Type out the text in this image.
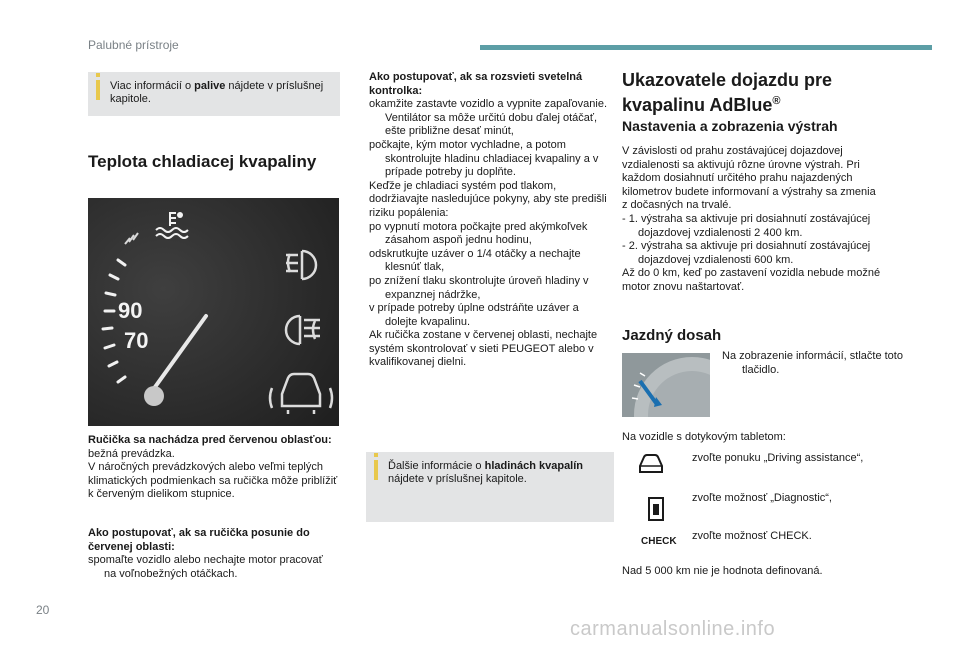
Palubné prístroje
Viac informácií o palive nájdete v príslušnej kapitole.
Teplota chladiacej kvapaliny
90
70
Ručička sa nachádza pred červenou oblasťou: bežná prevádzka.
V náročných prevádzkových alebo veľmi teplých klimatických podmienkach sa ručička môže priblížiť k červeným dielikom stupnice.
Ako postupovať, ak sa ručička posunie do červenej oblasti:
spomaľte vozidlo alebo nechajte motor pracovať na voľnobežných otáčkach.
Ako postupovať, ak sa rozsvieti svetelná kontrolka:
okamžite zastavte vozidlo a vypnite zapaľovanie. Ventilátor sa môže určitú dobu ďalej otáčať, ešte približne desať minút,
počkajte, kým motor vychladne, a potom skontrolujte hladinu chladiacej kvapaliny a v prípade potreby ju doplňte.
Keďže je chladiaci systém pod tlakom, dodržiavajte nasledujúce pokyny, aby ste predišli riziku popálenia:
po vypnutí motora počkajte pred akýmkoľvek zásahom aspoň jednu hodinu,
odskrutkujte uzáver o 1/4 otáčky a nechajte klesnúť tlak,
po znížení tlaku skontrolujte úroveň hladiny v expanznej nádržke,
v prípade potreby úplne odstráňte uzáver a dolejte kvapalinu.
Ak ručička zostane v červenej oblasti, nechajte systém skontrolovať v sieti PEUGEOT alebo v kvalifikovanej dielni.
Ďalšie informácie o hladinách kvapalín nájdete v príslušnej kapitole.
Ukazovatele dojazdu pre
kvapalinu AdBlue®
Nastavenia a zobrazenia výstrah
V závislosti od prahu zostávajúcej dojazdovej vzdialenosti sa aktivujú rôzne úrovne výstrah. Pri každom dosiahnutí určitého prahu najazdených kilometrov budete informovaní a výstrahy sa zmenia z dočasných na trvalé.
- 1. výstraha sa aktivuje pri dosiahnutí zostávajúcej dojazdovej vzdialenosti 2 400 km.
- 2. výstraha sa aktivuje pri dosiahnutí zostávajúcej dojazdovej vzdialenosti 600 km.
Až do 0 km, keď po zastavení vozidla nebude možné motor znovu naštartovať.
Jazdný dosah
Na zobrazenie informácií, stlačte toto tlačidlo.
Na vozidle s dotykovým tabletom:
zvoľte ponuku „Driving assistance“,
zvoľte možnosť „Diagnostic“,
CHECK zvoľte možnosť CHECK.
Nad 5 000 km nie je hodnota definovaná.
20
carmanualsonline.info
